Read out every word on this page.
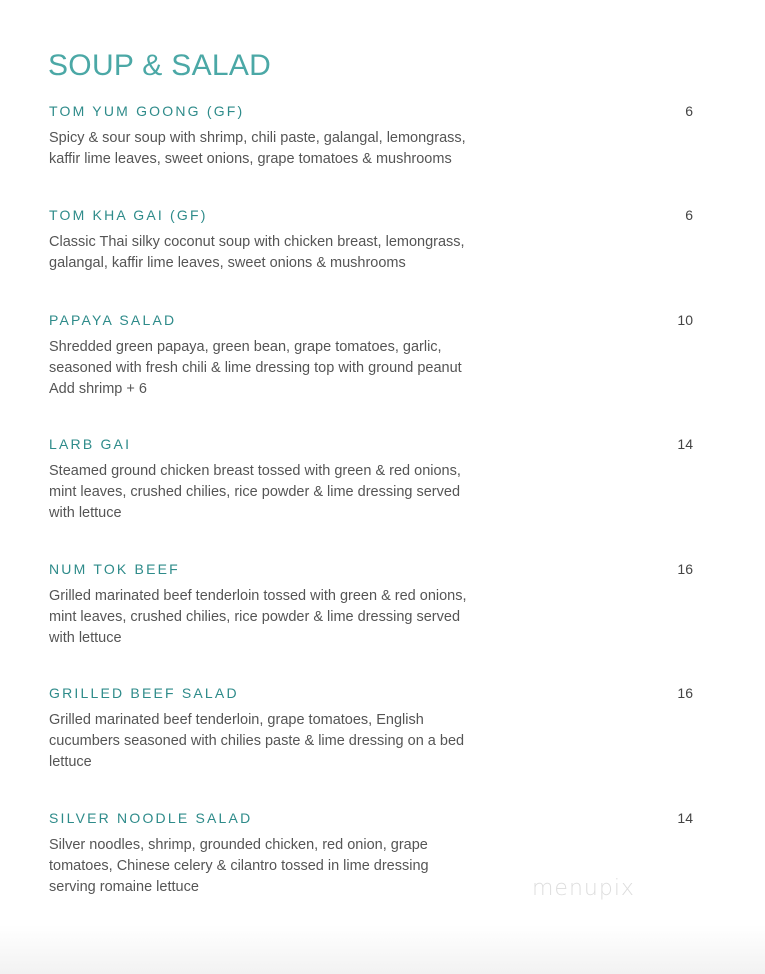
SOUP & SALAD
TOM YUM GOONG (GF)	6
Spicy & sour soup with shrimp, chili paste, galangal, lemongrass,
kaffir lime leaves, sweet onions, grape tomatoes & mushrooms
TOM KHA GAI (GF)	6
Classic Thai silky coconut soup with chicken breast, lemongrass,
galangal, kaffir lime leaves, sweet onions & mushrooms
PAPAYA SALAD	10
Shredded green papaya, green bean, grape tomatoes, garlic,
seasoned with fresh chili & lime dressing top with ground peanut
Add shrimp + 6
LARB GAI	14
Steamed ground chicken breast tossed with green & red onions,
mint leaves, crushed chilies, rice powder & lime dressing served
with lettuce
NUM TOK BEEF	16
Grilled marinated beef tenderloin tossed with green & red onions,
mint leaves, crushed chilies, rice powder & lime dressing served
with lettuce
GRILLED BEEF SALAD	16
Grilled marinated beef tenderloin, grape tomatoes, English
cucumbers seasoned with chilies paste & lime dressing on a bed
lettuce
SILVER NOODLE SALAD	14
Silver noodles, shrimp, grounded chicken, red onion, grape
tomatoes, Chinese celery & cilantro tossed in lime dressing
serving romaine lettuce	menupix
